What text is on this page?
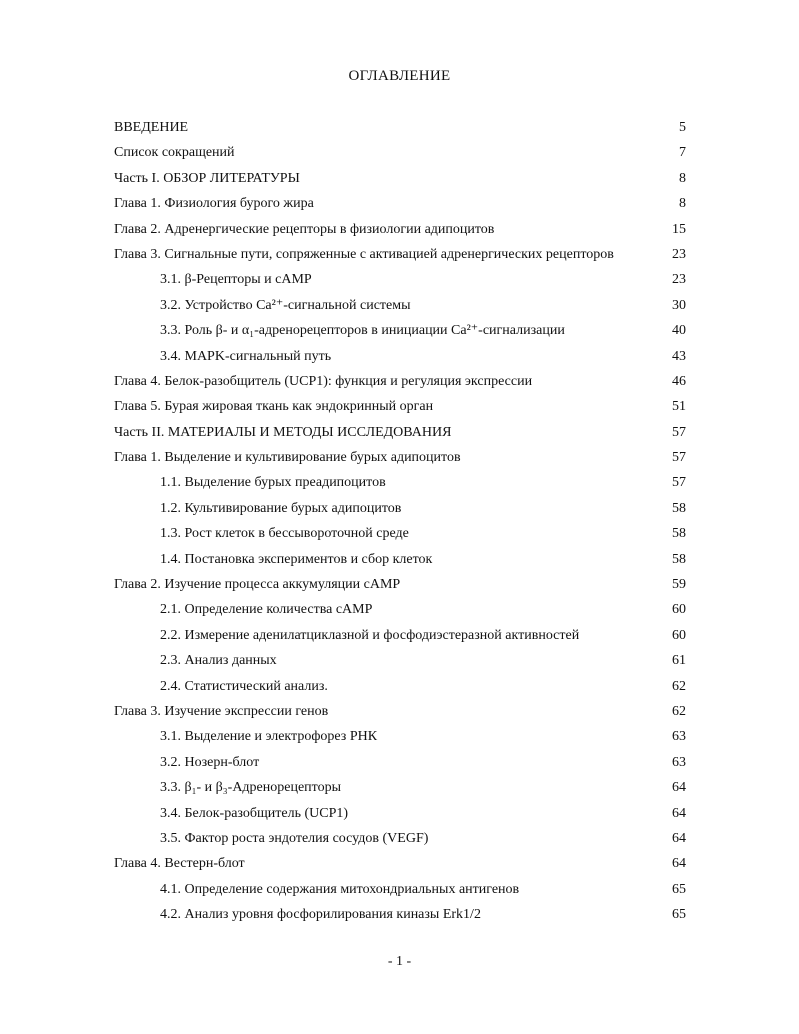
ОГЛАВЛЕНИЕ
ВВЕДЕНИЕ	5
Список сокращений	7
Часть I. ОБЗОР ЛИТЕРАТУРЫ	8
Глава 1. Физиология бурого жира	8
Глава 2. Адренергические рецепторы в физиологии адипоцитов	15
Глава 3. Сигнальные пути, сопряженные с активацией адренергических рецепторов	23
3.1. β-Рецепторы и cAMP	23
3.2. Устройство Ca²⁺-сигнальной системы	30
3.3. Роль β- и α₁-адренорецепторов в инициации Ca²⁺-сигнализации	40
3.4. MAPK-сигнальный путь	43
Глава 4. Белок-разобщитель (UCP1): функция и регуляция экспрессии	46
Глава 5. Бурая жировая ткань как эндокринный орган	51
Часть II. МАТЕРИАЛЫ И МЕТОДЫ ИССЛЕДОВАНИЯ	57
Глава 1. Выделение и культивирование бурых адипоцитов	57
1.1. Выделение бурых преадипоцитов	57
1.2. Культивирование бурых адипоцитов	58
1.3. Рост клеток в бессывороточной среде	58
1.4. Постановка экспериментов и сбор клеток	58
Глава 2. Изучение процесса аккумуляции cAMP	59
2.1. Определение количества cAMP	60
2.2. Измерение аденилатциклазной и фосфодиэстеразной активностей	60
2.3. Анализ данных	61
2.4. Статистический анализ.	62
Глава 3. Изучение экспрессии генов	62
3.1. Выделение и электрофорез РНК	63
3.2. Нозерн-блот	63
3.3. β₁- и β₃-Адренорецепторы	64
3.4. Белок-разобщитель (UCP1)	64
3.5. Фактор роста эндотелия сосудов (VEGF)	64
Глава 4. Вестерн-блот	64
4.1. Определение содержания митохондриальных антигенов	65
4.2. Анализ уровня фосфорилирования киназы Erk1/2	65
- 1 -
